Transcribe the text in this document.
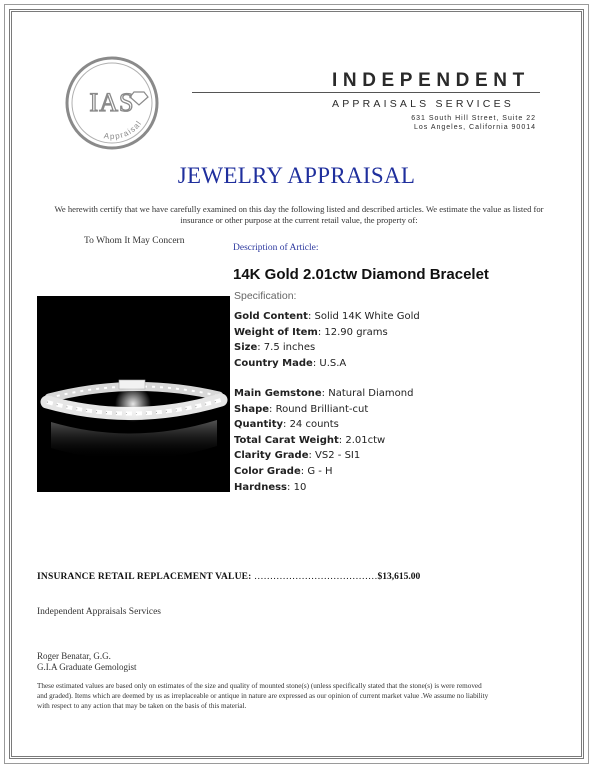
IAS
Appraisal
INDEPENDENT
APPRAISALS SERVICES
631 South Hill Street, Suite 22
Los Angeles, California 90014
JEWELRY APPRAISAL
We herewith certify that we have carefully examined on this day the following listed and described articles. We estimate the value as listed for insurance or other purpose at the current retail value, the property of:
To Whom It May Concern
Description of Article:
14K Gold 2.01ctw Diamond Bracelet
Specification:
Gold Content: Solid 14K White Gold
Weight of Item: 12.90 grams
Size: 7.5 inches
Country Made: U.S.A
Main Gemstone: Natural Diamond
Shape: Round Brilliant-cut
Quantity: 24 counts
Total Carat Weight: 2.01ctw
Clarity Grade: VS2 - SI1
Color Grade: G - H
Hardness: 10
INSURANCE RETAIL REPLACEMENT VALUE: …………………………………$13,615.00
Independent Appraisals Services
Roger Benatar, G.G.
G.I.A Graduate Gemologist
These estimated values are based only on estimates of the size and quality of mounted stone(s) (unless specifically stated that the stone(s) is were removed and graded). Items which are deemed by us as irreplaceable or antique in nature are expressed as our opinion of current market value .We assume no liability with respect to any action that may be taken on the basis of this material.
